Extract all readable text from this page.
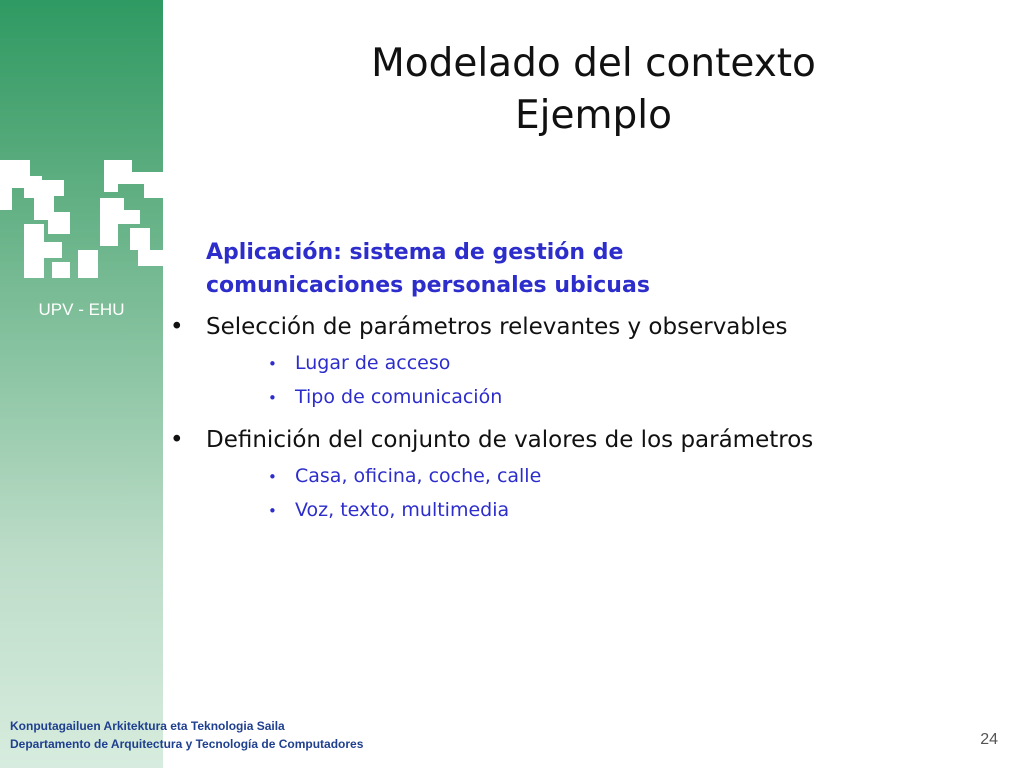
UPV - EHU
Modelado del contexto
Ejemplo
Aplicación: sistema de gestión de
comunicaciones personales ubicuas
• Selección de parámetros relevantes y observables
• Lugar de acceso
• Tipo de comunicación
• Definición del conjunto de valores de los parámetros
• Casa, oficina, coche, calle
• Voz, texto, multimedia
Konputagailuen Arkitektura eta Teknologia Saila
Departamento de Arquitectura y Tecnología de Computadores	24
